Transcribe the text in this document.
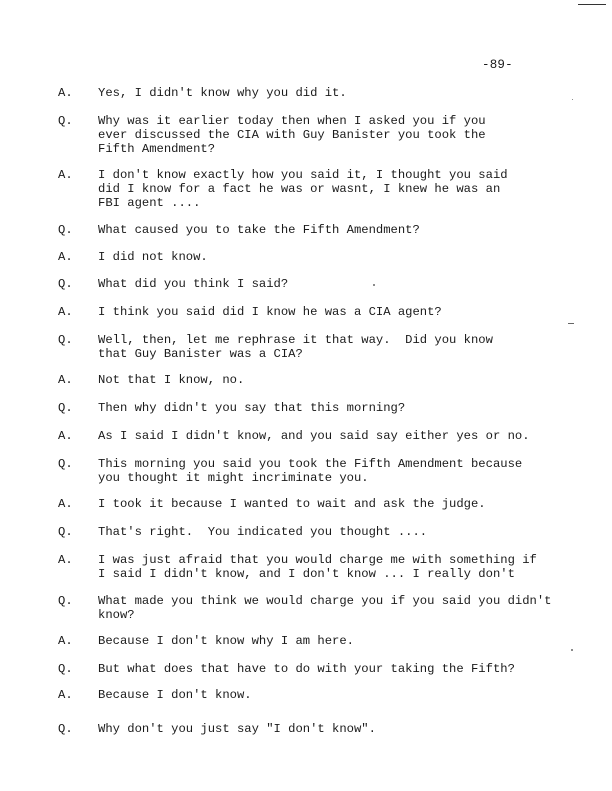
-89-
A. Yes, I didn't know why you did it.
Q. Why was it earlier today then when I asked you if you
ever discussed the CIA with Guy Banister you took the
Fifth Amendment?
A. I don't know exactly how you said it, I thought you said
did I know for a fact he was or wasnt, I knew he was an
FBI agent ....
Q. What caused you to take the Fifth Amendment?
A. I did not know.
Q. What did you think I said?
A. I think you said did I know he was a CIA agent?
Q. Well, then, let me rephrase it that way.  Did you know
that Guy Banister was a CIA?
A. Not that I know, no.
Q. Then why didn't you say that this morning?
A. As I said I didn't know, and you said say either yes or no.
Q. This morning you said you took the Fifth Amendment because
you thought it might incriminate you.
A. I took it because I wanted to wait and ask the judge.
Q. That's right.  You indicated you thought ....
A. I was just afraid that you would charge me with something if
I said I didn't know, and I don't know ... I really don't
Q. What made you think we would charge you if you said you didn't
know?
A. Because I don't know why I am here.
Q. But what does that have to do with your taking the Fifth?
A. Because I don't know.
Q. Why don't you just say "I don't know".
